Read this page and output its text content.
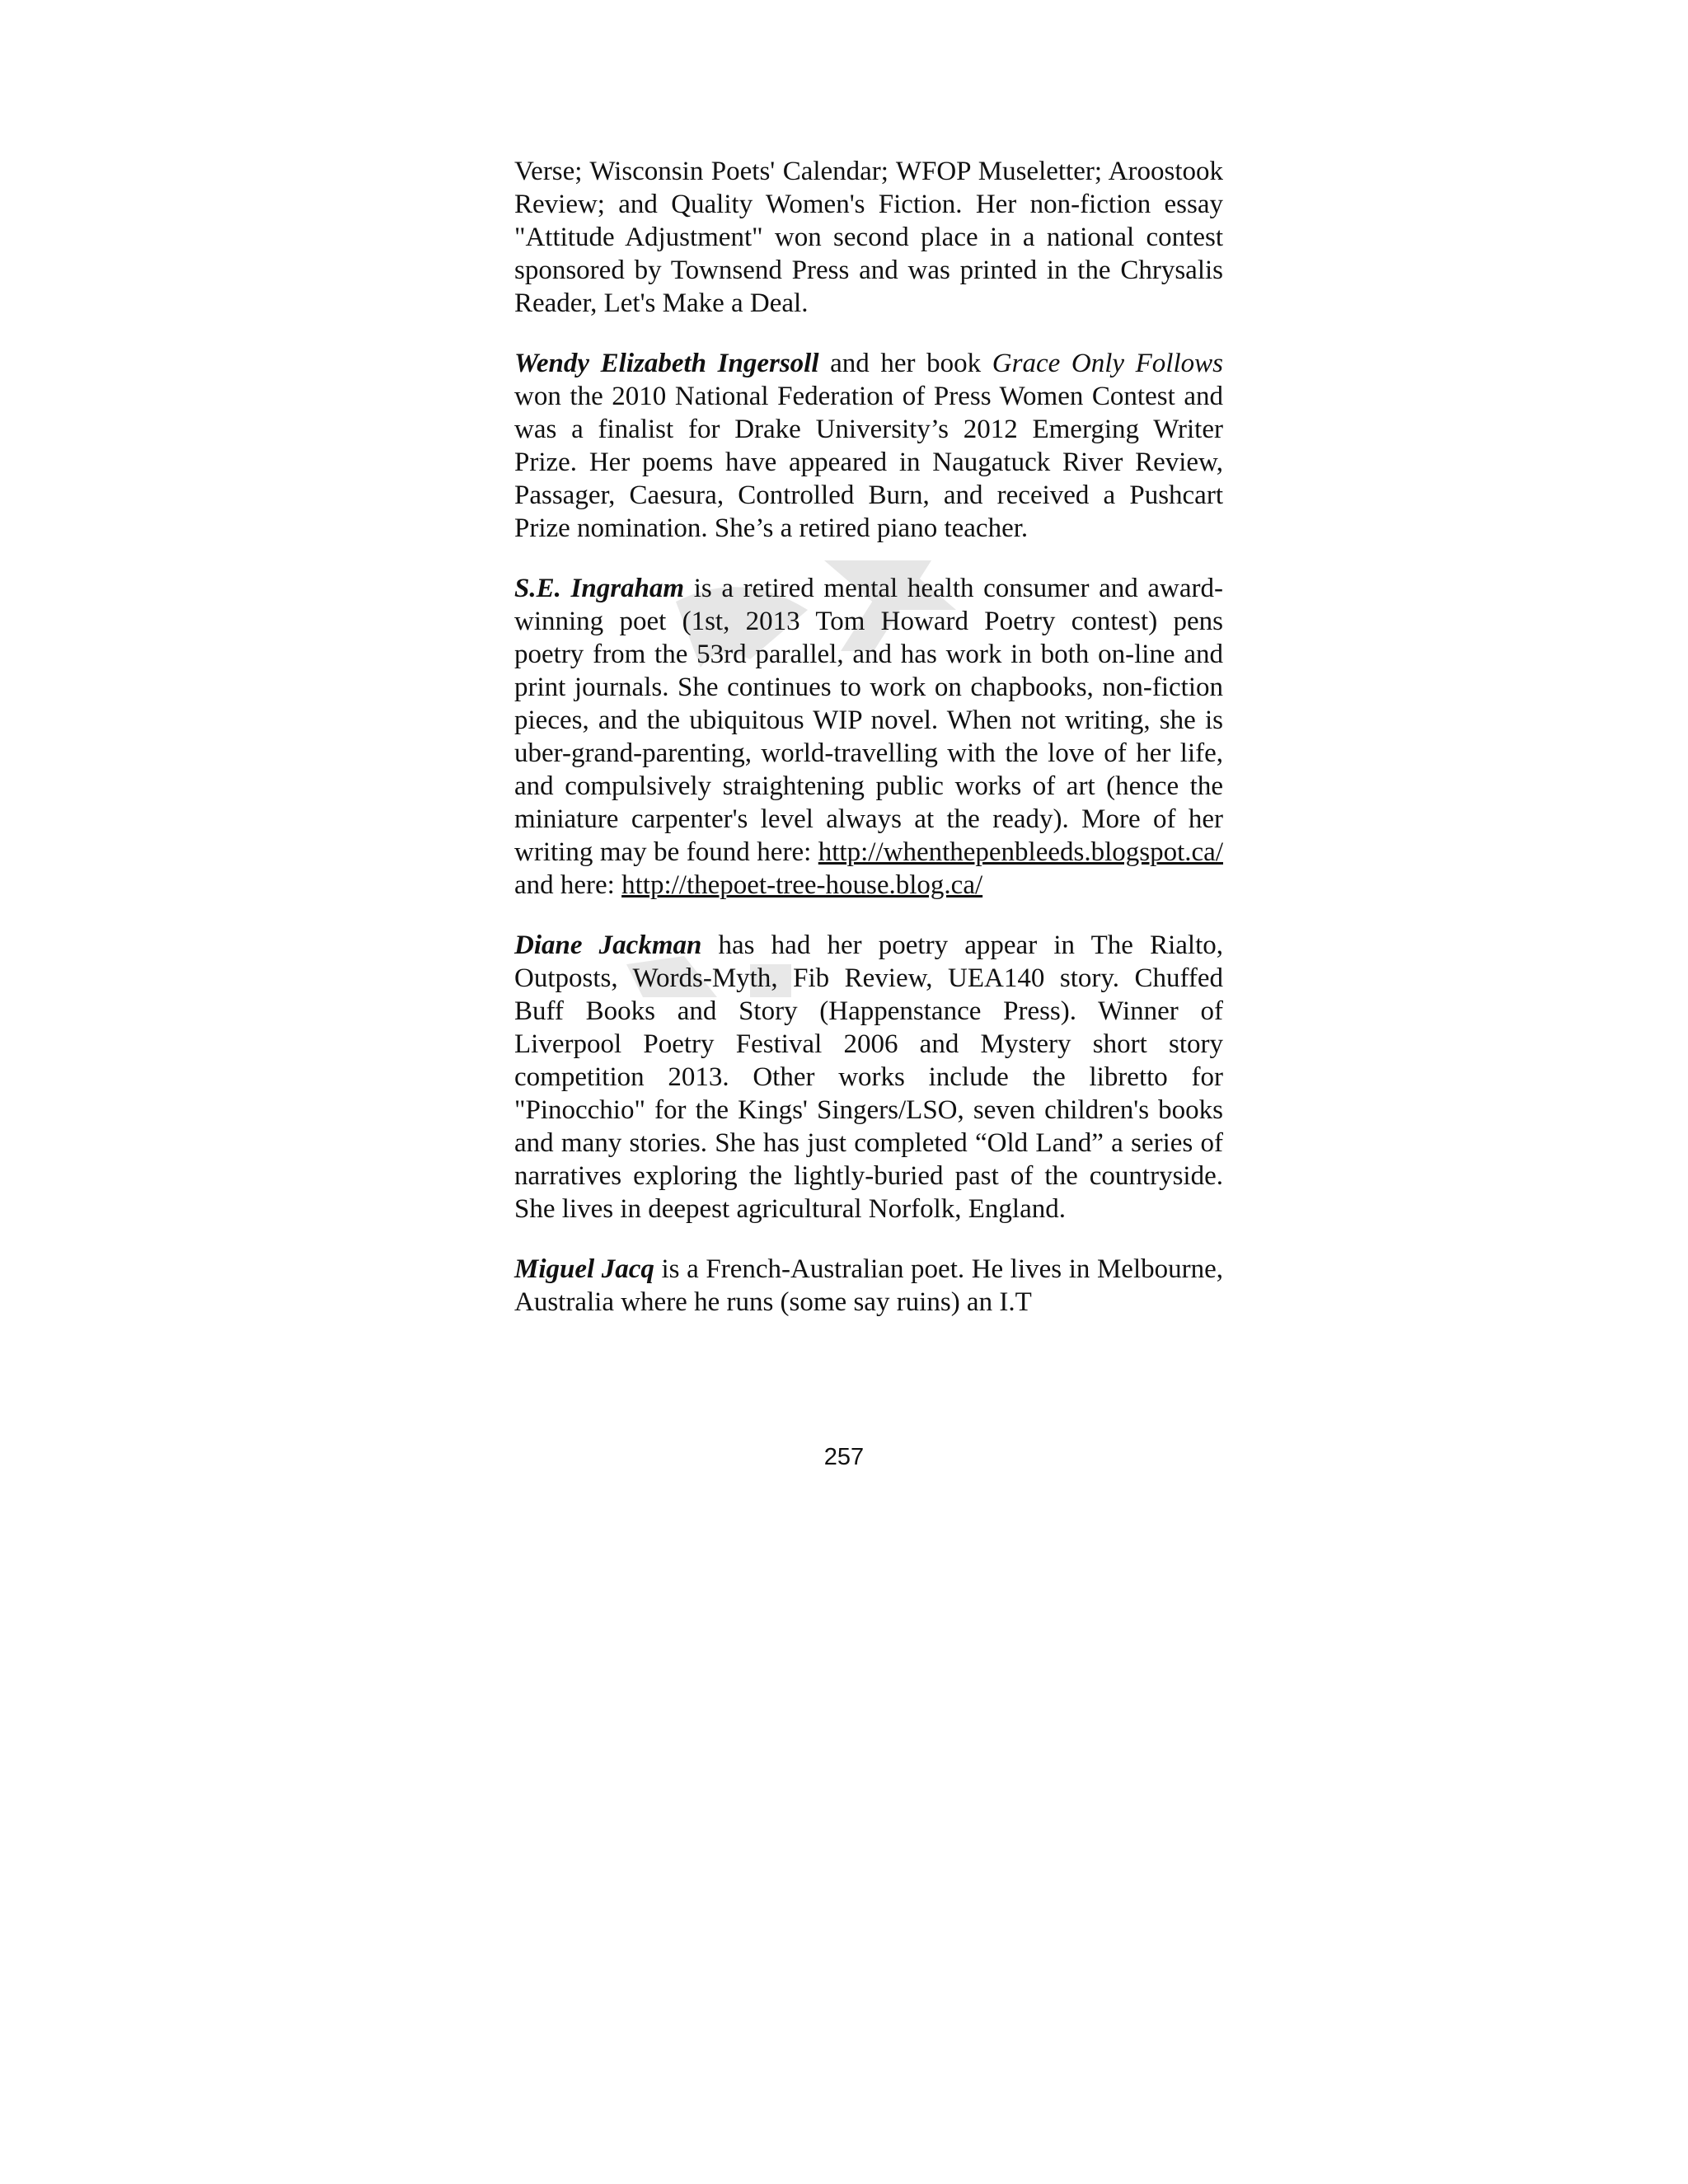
Verse; Wisconsin Poets' Calendar; WFOP Museletter; Aroostook Review; and Quality Women's Fiction. Her non-fiction essay "Attitude Adjustment" won second place in a national contest sponsored by Townsend Press and was printed in the Chrysalis Reader, Let's Make a Deal.

Wendy Elizabeth Ingersoll and her book Grace Only Follows won the 2010 National Federation of Press Women Contest and was a finalist for Drake University’s 2012 Emerging Writer Prize. Her poems have appeared in Naugatuck River Review, Passager, Caesura, Controlled Burn, and received a Pushcart Prize nomination. She’s a retired piano teacher.

S.E. Ingraham is a retired mental health consumer and award-winning poet (1st, 2013 Tom Howard Poetry contest) pens poetry from the 53rd parallel, and has work in both on-line and print journals. She continues to work on chapbooks, non-fiction pieces, and the ubiquitous WIP novel. When not writing, she is uber-grand-parenting, world-travelling with the love of her life, and compulsively straightening public works of art (hence the miniature carpenter's level always at the ready). More of her writing may be found here: http://whenthepenbleeds.blogspot.ca/ and here: http://thepoet-tree-house.blog.ca/

Diane Jackman has had her poetry appear in The Rialto, Outposts, Words-Myth, Fib Review, UEA140 story. Chuffed Buff Books and Story (Happenstance Press). Winner of Liverpool Poetry Festival 2006 and Mystery short story competition 2013. Other works include the libretto for "Pinocchio" for the Kings' Singers/LSO, seven children's books and many stories. She has just completed “Old Land” a series of narratives exploring the lightly-buried past of the countryside. She lives in deepest agricultural Norfolk, England.

Miguel Jacq is a French-Australian poet. He lives in Melbourne, Australia where he runs (some say ruins) an I.T

257
